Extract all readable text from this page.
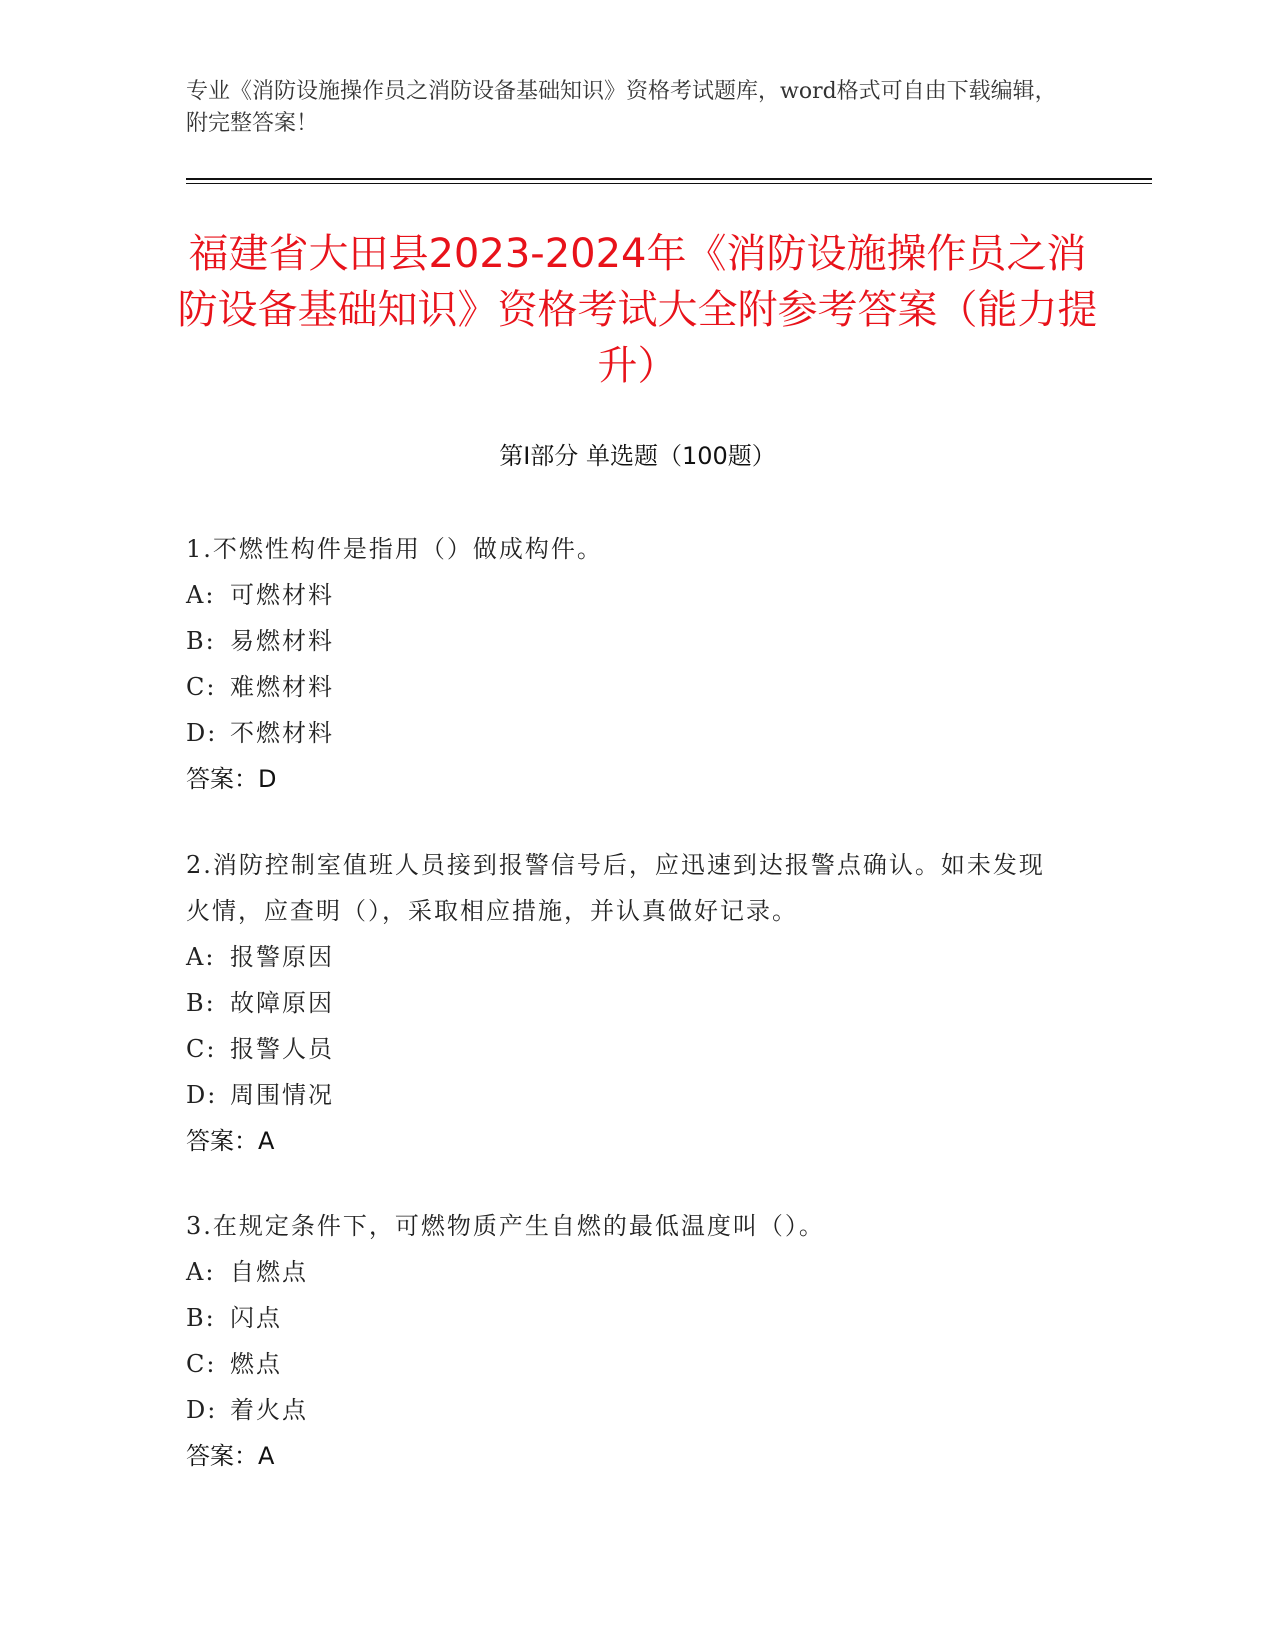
专业《消防设施操作员之消防设备基础知识》资格考试题库，word格式可自由下载编辑，附完整答案！
福建省大田县2023-2024年《消防设施操作员之消防设备基础知识》资格考试大全附参考答案（能力提升）
第Ⅰ部分 单选题（100题）
1.不燃性构件是指用（）做成构件。
A: 可燃材料
B: 易燃材料
C: 难燃材料
D: 不燃材料
答案：D
2.消防控制室值班人员接到报警信号后，应迅速到达报警点确认。如未发现火情，应查明（），采取相应措施，并认真做好记录。
A: 报警原因
B: 故障原因
C: 报警人员
D: 周围情况
答案：A
3.在规定条件下，可燃物质产生自燃的最低温度叫（）。
A: 自燃点
B: 闪点
C: 燃点
D: 着火点
答案：A
